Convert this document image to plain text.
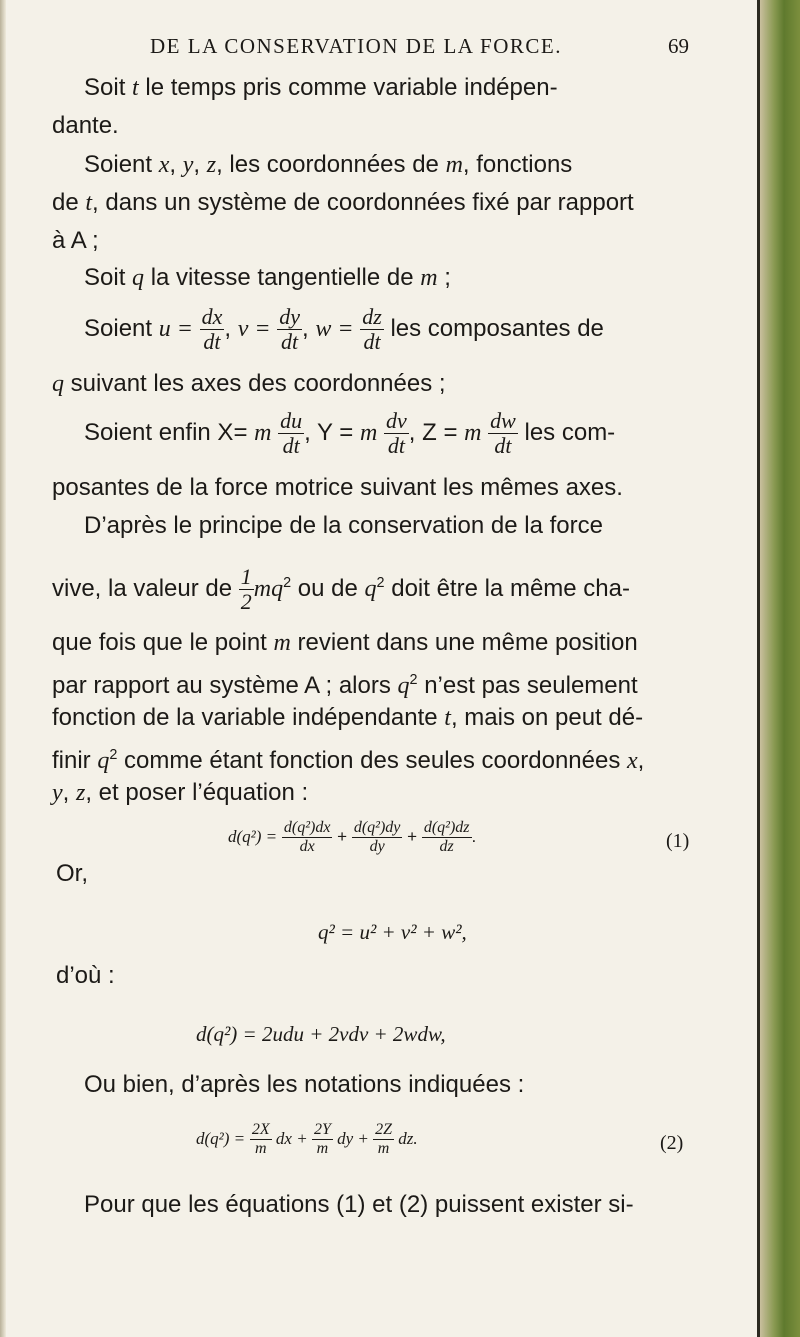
DE LA CONSERVATION DE LA FORCE.	69
Soit t le temps pris comme variable indépen-
dante.
Soient x, y, z, les coordonnées de m, fonctions
de t, dans un système de coordonnées fixé par rapport
à A ;
Soit q la vitesse tangentielle de m ;
Soient $u = \frac{dx}{dt}$ , $v = \frac{dy}{dt}$ , $w = \frac{dz}{dt}$ les composantes de
q suivant les axes des coordonnées ;
Soient enfin X= m $\frac{du}{dt}$ , Y = m $\frac{dv}{dt}$ , Z = m $\frac{dw}{dt}$ les com-
posantes de la force motrice suivant les mêmes axes.
D’après le principe de la conservation de la force
vive, la valeur de $\frac{1}{2} mq^2$ ou de $q^2$ doit être la même cha-
que fois que le point m revient dans une même position
par rapport au système A ; alors $q^2$ n’est pas seulement
fonction de la variable indépendante t, mais on peut dé-
finir $q^2$ comme étant fonction des seules coordonnées x,
y, z, et poser l’équation :
$d(q^2) = \frac{\text{d(q²)dx}}{dx} + \frac{\text{d(q²)dy}}{dy} + \frac{\text{d(q²)dz}}{dz}$ .	(1)
Or,
q² = u² + v² + w²,
d’où :
d(q²) = 2udu + 2vdv + 2wdw,
Ou bien, d’après les notations indiquées :
$d(q^2) = \frac{2X}{m}$ dx + $\frac{2Y}{m}$ dy + $\frac{2Z}{m}$ dz.	(2)
Pour que les équations (1) et (2) puissent exister si-
